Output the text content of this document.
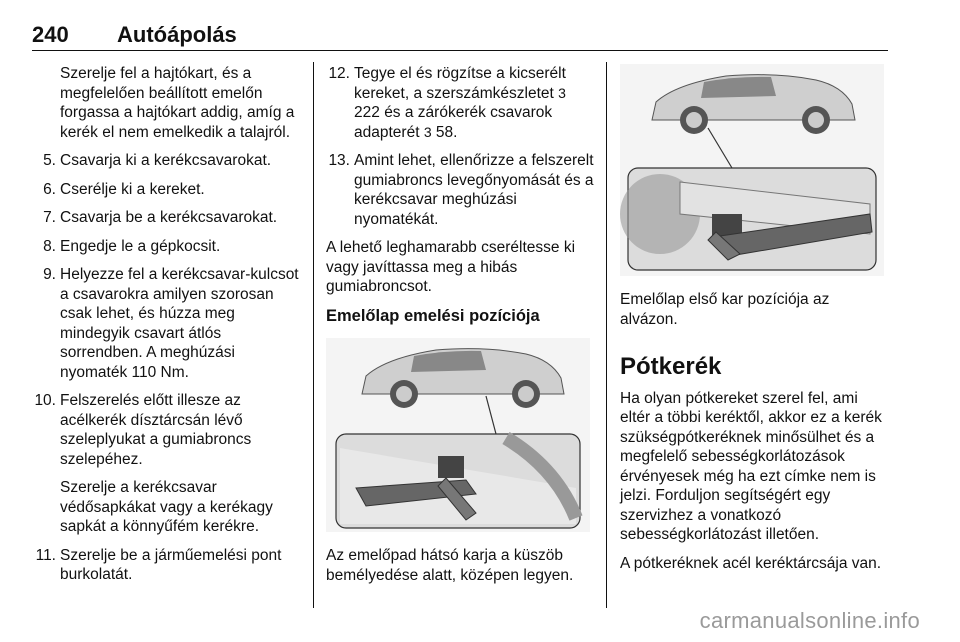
240 Autóápolás

Szerelje fel a hajtókart, és a megfelelően beállított emelőn forgassa a hajtókart addig, amíg a kerék el nem emelkedik a talajról.

5. Csavarja ki a kerékcsavarokat.
6. Cserélje ki a kereket.
7. Csavarja be a kerékcsavarokat.
8. Engedje le a gépkocsit.
9. Helyezze fel a kerékcsavar-kulcsot a csavarokra amilyen szorosan csak lehet, és húzza meg mindegyik csavart átlós sorrendben. A meghúzási nyomaték 110 Nm.
10. Felszerelés előtt illesze az acélkerék dísztárcsán lévő szeleplyukat a gumiabroncs szelepéhez.

Szerelje a kerékcsavar védősapkákat vagy a kerékagy sapkát a könnyűfém kerékre.

11. Szerelje be a járműemelési pont burkolatát.
12. Tegye el és rögzítse a kicserélt kereket, a szerszámkészletet 3 222 és a zárókerék csavarok adapterét 3 58.
13. Amint lehet, ellenőrizze a felszerelt gumiabroncs levegőnyomását és a kerékcsavar meghúzási nyomatékát.

A lehető leghamarabb cseréltesse ki vagy javíttassa meg a hibás gumiabroncsot.

Emelőlap emelési pozíciója

Az emelőpad hátsó karja a küszöb bemélyedése alatt, középen legyen.

Emelőlap első kar pozíciója az alvázon.

Pótkerék

Ha olyan pótkereket szerel fel, ami eltér a többi keréktől, akkor ez a kerék szükségpótkeréknek minősülhet és a megfelelő sebességkorlátozások érvényesek még ha ezt címke nem is jelzi. Forduljon segítségért egy szervizhez a vonatkozó sebességkorlátozást illetően.

A pótkeréknek acél keréktárcsája van.

carmanualsonline.info
